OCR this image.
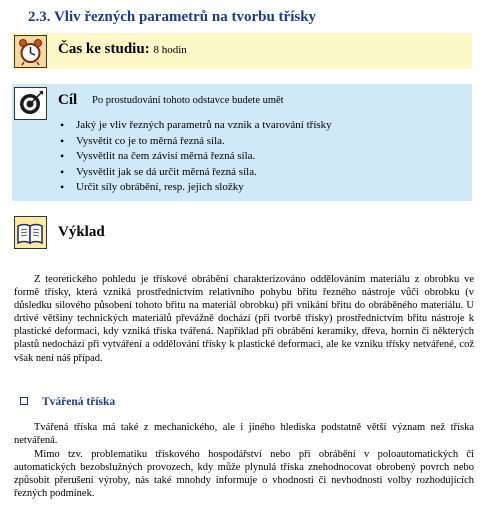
2.3. Vliv řezných parametrů na tvorbu třísky
Čas ke studiu: 8 hodin
Cíl Po prostudování tohoto odstavce budete umět
• Jaký je vliv řezných parametrů na vznik a tvarování třísky
• Vysvětit co je to měrná řezná síla.
• Vysvětlit na čem závisí měrná řezná síla.
• Vysvětlit jak se dá určit měrná řezná síla.
• Určit síly obrábění, resp. jejich složky
Výklad
Z teoretického pohledu je třískové obrábění charakterizováno oddělováním materiálu z obrobku ve formě třísky, která vzniká prostřednictvím relativního pohybu břitu řezného nástroje vůči obrobku (v důsledku silového působení tohoto břitu na materiál obrobku) při vnikání břitu do obráběného materiálu. U drtivé většiny technických materiálů převážně dochází (při tvorbě třísky) prostřednictvím břitu nástroje k plastické deformaci, kdy vzniká tříska tvářená. Například při obrábění keramiky, dřeva, hornin či některých plastů nedochází při vytváření a oddělování třísky k plastické deformaci, ale ke vzniku třísky netvářené, což však není náš případ.
Tvářená tříska
Tvářená tříska má také z mechanického, ale i jiného hlediska podstatně větší význam než tříska netvářená.
Mimo tzv. problematiku třískového hospodářství nebo při obrábění v poloautomatických či automatických bezobslužných provozech, kdy může plynulá tříska znehodnocovat obrobený povrch nebo způsobit přerušení výroby, nás také mnohdy informuje o vhodnosti či nevhodnosti volby rozhodujících řezných podmínek.
